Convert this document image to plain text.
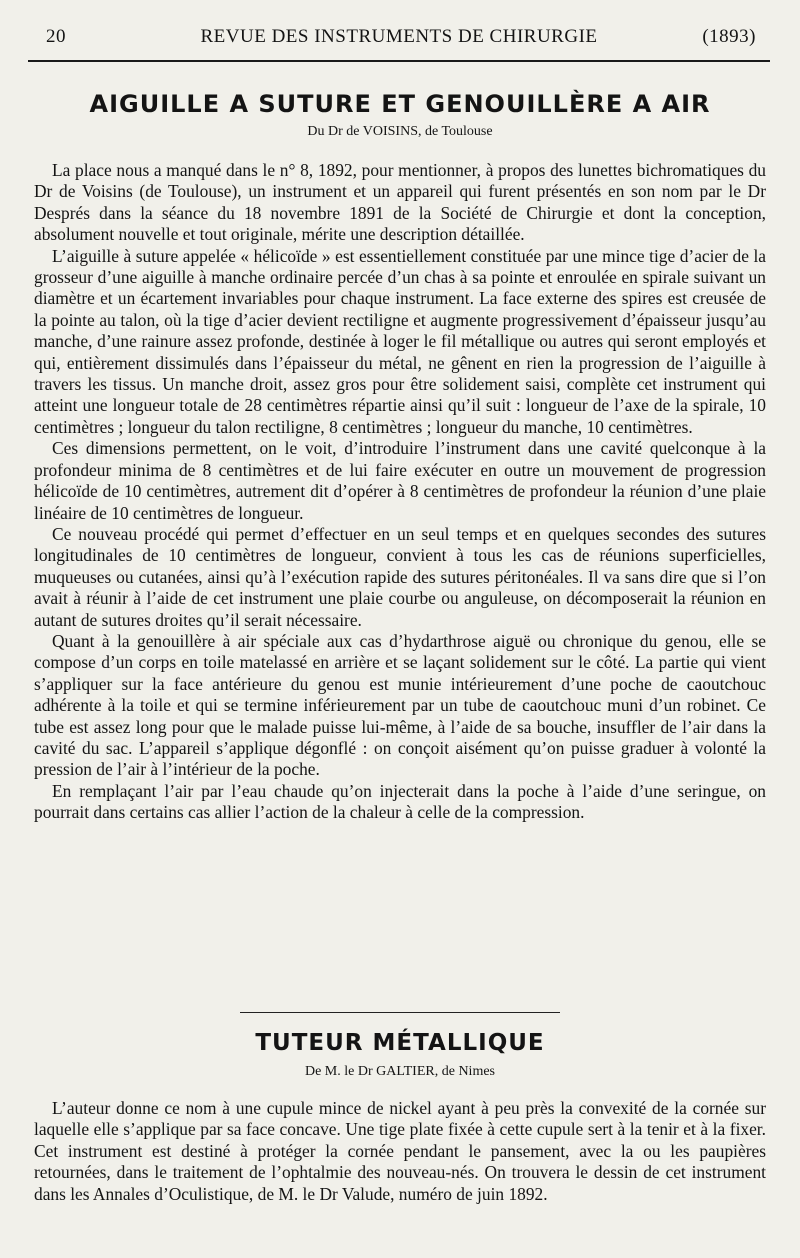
20	REVUE DES INSTRUMENTS DE CHIRURGIE	(1893)
AIGUILLE A SUTURE ET GENOUILLÈRE A AIR
Du Dr de VOISINS, de Toulouse

La place nous a manqué dans le n° 8, 1892, pour mentionner, à propos des lunettes bichromatiques du Dr de Voisins (de Toulouse), un instrument et un appareil qui furent présentés en son nom par le Dr Després dans la séance du 18 novembre 1891 de la Société de Chirurgie et dont la conception, absolument nouvelle et tout originale, mérite une description détaillée.

L’aiguille à suture appelée « hélicoïde » est essentiellement constituée par une mince tige d’acier de la grosseur d’une aiguille à manche ordinaire percée d’un chas à sa pointe et enroulée en spirale suivant un diamètre et un écartement invariables pour chaque instrument. La face externe des spires est creusée de la pointe au talon, où la tige d’acier devient rectiligne et augmente progressivement d’épaisseur jusqu’au manche, d’une rainure assez profonde, destinée à loger le fil métallique ou autres qui seront employés et qui, entièrement dissimulés dans l’épaisseur du métal, ne gênent en rien la progression de l’aiguille à travers les tissus. Un manche droit, assez gros pour être solidement saisi, complète cet instrument qui atteint une longueur totale de 28 centimètres répartie ainsi qu’il suit : longueur de l’axe de la spirale, 10 centimètres ; longueur du talon rectiligne, 8 centimètres ; longueur du manche, 10 centimètres.

Ces dimensions permettent, on le voit, d’introduire l’instrument dans une cavité quelconque à la profondeur minima de 8 centimètres et de lui faire exécuter en outre un mouvement de progression hélicoïde de 10 centimètres, autrement dit d’opérer à 8 centimètres de profondeur la réunion d’une plaie linéaire de 10 centimètres de longueur.

Ce nouveau procédé qui permet d’effectuer en un seul temps et en quelques secondes des sutures longitudinales de 10 centimètres de longueur, convient à tous les cas de réunions superficielles, muqueuses ou cutanées, ainsi qu’à l’exécution rapide des sutures péritonéales. Il va sans dire que si l’on avait à réunir à l’aide de cet instrument une plaie courbe ou anguleuse, on décomposerait la réunion en autant de sutures droites qu’il serait nécessaire.

Quant à la genouillère à air spéciale aux cas d’hydarthrose aiguë ou chronique du genou, elle se compose d’un corps en toile matelassé en arrière et se laçant solidement sur le côté. La partie qui vient s’appliquer sur la face antérieure du genou est munie intérieurement d’une poche de caoutchouc adhérente à la toile et qui se termine inférieurement par un tube de caoutchouc muni d’un robinet. Ce tube est assez long pour que le malade puisse lui-même, à l’aide de sa bouche, insuffler de l’air dans la cavité du sac. L’appareil s’applique dégonflé : on conçoit aisément qu’on puisse graduer à volonté la pression de l’air à l’intérieur de la poche.

En remplaçant l’air par l’eau chaude qu’on injecterait dans la poche à l’aide d’une seringue, on pourrait dans certains cas allier l’action de la chaleur à celle de la compression.

TUTEUR MÉTALLIQUE
De M. le Dr GALTIER, de Nimes

L’auteur donne ce nom à une cupule mince de nickel ayant à peu près la convexité de la cornée sur laquelle elle s’applique par sa face concave. Une tige plate fixée à cette cupule sert à la tenir et à la fixer. Cet instrument est destiné à protéger la cornée pendant le pansement, avec la ou les paupières retournées, dans le traitement de l’ophtalmie des nouveau-nés. On trouvera le dessin de cet instrument dans les Annales d’Oculistique, de M. le Dr Valude, numéro de juin 1892.
